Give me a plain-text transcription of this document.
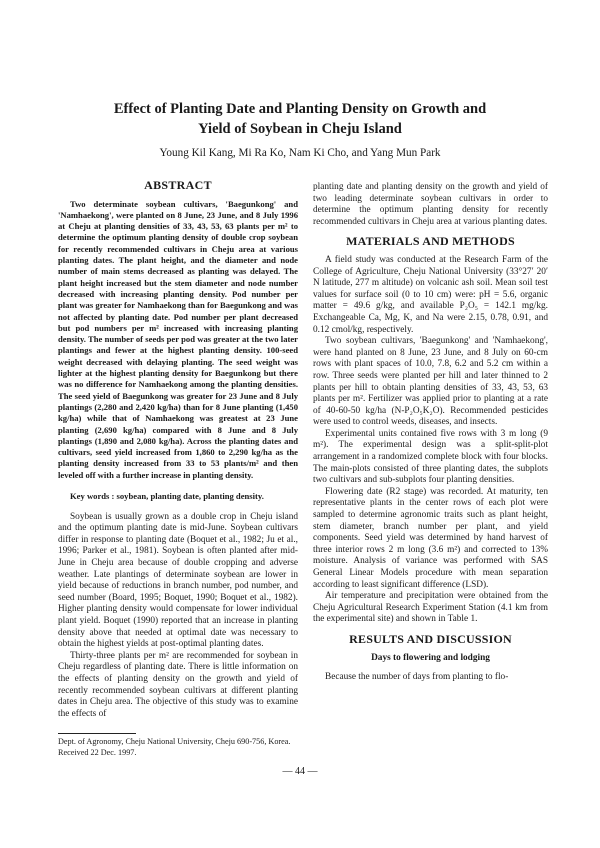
Effect of Planting Date and Planting Density on Growth and
Yield of Soybean in Cheju Island
Young Kil Kang, Mi Ra Ko, Nam Ki Cho, and Yang Mun Park
ABSTRACT

Two determinate soybean cultivars, 'Baegunkong' and 'Namhaekong', were planted on 8 June, 23 June, and 8 July 1996 at Cheju at planting densities of 33, 43, 53, 63 plants per m² to determine the optimum planting density of double crop soybean for recently recommended cultivars in Cheju area at various planting dates. The plant height, and the diameter and node number of main stems decreased as planting was delayed. The plant height increased but the stem diameter and node number decreased with increasing planting density. Pod number per plant was greater for Namhaekong than for Baegunkong and was not affected by planting date. Pod number per plant decreased but pod numbers per m² increased with increasing planting density. The number of seeds per pod was greater at the two later plantings and fewer at the highest planting density. 100-seed weight decreased with delaying planting. The seed weight was lighter at the highest planting density for Baegunkong but there was no difference for Namhaekong among the planting densities. The seed yield of Baegunkong was greater for 23 June and 8 July plantings (2,280 and 2,420 kg/ha) than for 8 June planting (1,450 kg/ha) while that of Namhaekong was greatest at 23 June planting (2,690 kg/ha) compared with 8 June and 8 July plantings (1,890 and 2,080 kg/ha). Across the planting dates and cultivars, seed yield increased from 1,860 to 2,290 kg/ha as the planting density increased from 33 to 53 plants/m² and then leveled off with a further increase in planting density.

Key words : soybean, planting date, planting density.

Soybean is usually grown as a double crop in Cheju island and the optimum planting date is mid-June. Soybean cultivars differ in response to planting date (Boquet et al., 1982; Ju et al., 1996; Parker et al., 1981). Soybean is often planted after mid-June in Cheju area because of double cropping and adverse weather. Late plantings of determinate soybean are lower in yield because of reductions in branch number, pod number, and seed number (Board, 1995; Boquet, 1990; Boquet et al., 1982). Higher planting density would compensate for lower individual plant yield. Boquet (1990) reported that an increase in planting density above that needed at optimal date was necessary to obtain the highest yields at post-optimal planting dates.

Thirty-three plants per m² are recommended for soybean in Cheju regardless of planting date. There is little information on the effects of planting density on the growth and yield of recently recommended soybean cultivars at different planting dates in Cheju area. The objective of this study was to examine the effects of

planting date and planting density on the growth and yield of two leading determinate soybean cultivars in order to determine the optimum planting density for recently recommended cultivars in Cheju area at various planting dates.

MATERIALS AND METHODS

A field study was conducted at the Research Farm of the College of Agriculture, Cheju National University (33°27′ 20′ N latitude, 277 m altitude) on volcanic ash soil. Mean soil test values for surface soil (0 to 10 cm) were: pH = 5.6, organic matter = 49.6 g/kg, and available P₂O₅ = 142.1 mg/kg. Exchangeable Ca, Mg, K, and Na were 2.15, 0.78, 0.91, and 0.12 cmol/kg, respectively.

Two soybean cultivars, 'Baegunkong' and 'Namhaekong', were hand planted on 8 June, 23 June, and 8 July on 60-cm rows with plant spaces of 10.0, 7.8, 6.2 and 5.2 cm within a row. Three seeds were planted per hill and later thinned to 2 plants per hill to obtain planting densities of 33, 43, 53, 63 plants per m². Fertilizer was applied prior to planting at a rate of 40-60-50 kg/ha (N-P₂O₅K₂O). Recommended pesticides were used to control weeds, diseases, and insects.

Experimental units contained five rows with 3 m long (9 m²). The experimental design was a split-split-plot arrangement in a randomized complete block with four blocks. The main-plots consisted of three planting dates, the subplots two cultivars and sub-subplots four planting densities.

Flowering date (R2 stage) was recorded. At maturity, ten representative plants in the center rows of each plot were sampled to determine agronomic traits such as plant height, stem diameter, branch number per plant, and yield components. Seed yield was determined by hand harvest of three interior rows 2 m long (3.6 m²) and corrected to 13% moisture. Analysis of variance was performed with SAS General Linear Models procedure with mean separation according to least significant difference (LSD).

Air temperature and precipitation were obtained from the Cheju Agricultural Research Experiment Station (4.1 km from the experimental site) and shown in Table 1.

RESULTS AND DISCUSSION
Days to flowering and lodging

Because the number of days from planting to flo-

Dept. of Agronomy, Cheju National University, Cheju 690-756, Korea.
Received 22 Dec. 1997.
— 44 —
